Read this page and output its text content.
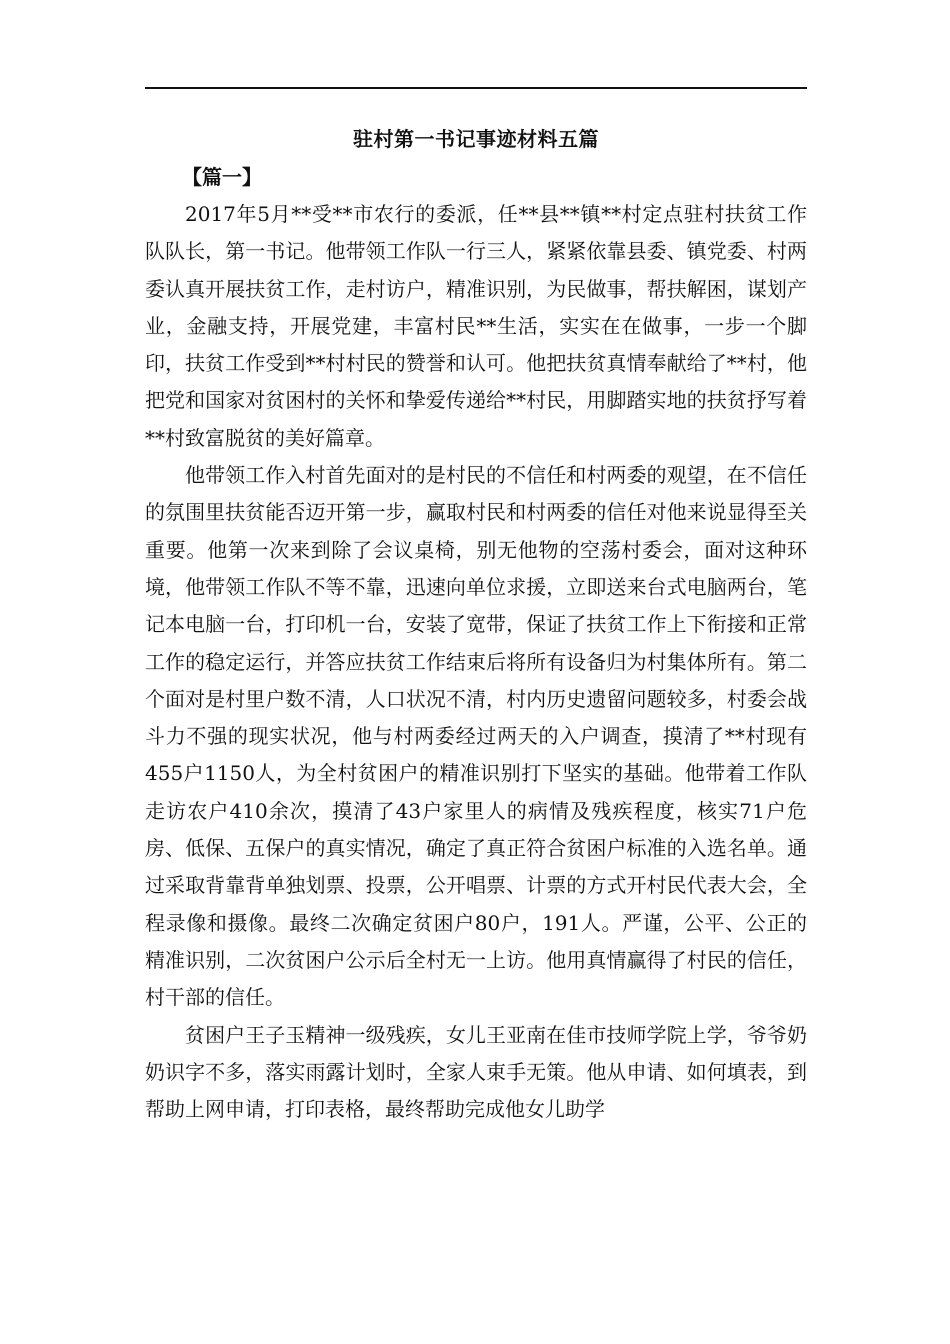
驻村第一书记事迹材料五篇
【篇一】

2017年5月**受**市农行的委派，任**县**镇**村定点驻村扶贫工作队队长，第一书记。他带领工作队一行三人，紧紧依靠县委、镇党委、村两委认真开展扶贫工作，走村访户，精准识别，为民做事，帮扶解困，谋划产业，金融支持，开展党建，丰富村民**生活，实实在在做事，一步一个脚印，扶贫工作受到**村村民的赞誉和认可。他把扶贫真情奉献给了**村，他把党和国家对贫困村的关怀和挚爱传递给**村民，用脚踏实地的扶贫抒写着**村致富脱贫的美好篇章。

他带领工作入村首先面对的是村民的不信任和村两委的观望，在不信任的氛围里扶贫能否迈开第一步，赢取村民和村两委的信任对他来说显得至关重要。他第一次来到除了会议桌椅，别无他物的空荡村委会，面对这种环境，他带领工作队不等不靠，迅速向单位求援，立即送来台式电脑两台，笔记本电脑一台，打印机一台，安装了宽带，保证了扶贫工作上下衔接和正常工作的稳定运行，并答应扶贫工作结束后将所有设备归为村集体所有。第二个面对是村里户数不清，人口状况不清，村内历史遗留问题较多，村委会战斗力不强的现实状况，他与村两委经过两天的入户调查，摸清了**村现有455户1150人，为全村贫困户的精准识别打下坚实的基础。他带着工作队走访农户410余次，摸清了43户家里人的病情及残疾程度，核实71户危房、低保、五保户的真实情况，确定了真正符合贫困户标准的入选名单。通过采取背靠背单独划票、投票，公开唱票、计票的方式开村民代表大会，全程录像和摄像。最终二次确定贫困户80户，191人。严谨，公平、公正的精准识别，二次贫困户公示后全村无一上访。他用真情赢得了村民的信任，村干部的信任。

贫困户王子玉精神一级残疾，女儿王亚南在佳市技师学院上学，爷爷奶奶识字不多，落实雨露计划时，全家人束手无策。他从申请、如何填表，到帮助上网申请，打印表格，最终帮助完成他女儿助学
